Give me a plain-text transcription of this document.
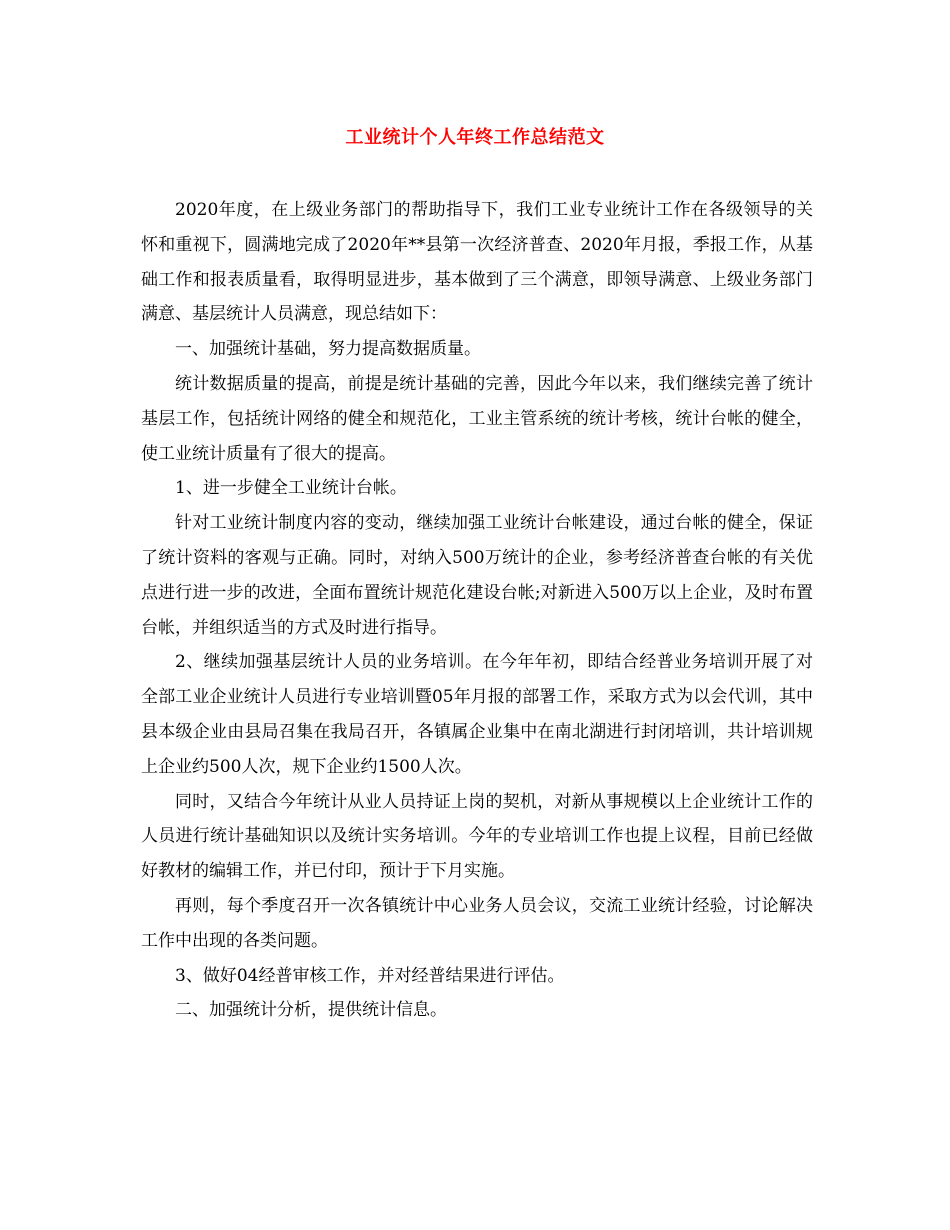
工业统计个人年终工作总结范文

2020年度，在上级业务部门的帮助指导下，我们工业专业统计工作在各级领导的关怀和重视下，圆满地完成了2020年**县第一次经济普查、2020年月报，季报工作，从基础工作和报表质量看，取得明显进步，基本做到了三个满意，即领导满意、上级业务部门满意、基层统计人员满意，现总结如下：

一、加强统计基础，努力提高数据质量。

统计数据质量的提高，前提是统计基础的完善，因此今年以来，我们继续完善了统计基层工作，包括统计网络的健全和规范化，工业主管系统的统计考核，统计台帐的健全，使工业统计质量有了很大的提高。

1、进一步健全工业统计台帐。

针对工业统计制度内容的变动，继续加强工业统计台帐建设，通过台帐的健全，保证了统计资料的客观与正确。同时，对纳入500万统计的企业，参考经济普查台帐的有关优点进行进一步的改进，全面布置统计规范化建设台帐;对新进入500万以上企业，及时布置台帐，并组织适当的方式及时进行指导。

2、继续加强基层统计人员的业务培训。在今年年初，即结合经普业务培训开展了对全部工业企业统计人员进行专业培训暨05年月报的部署工作，采取方式为以会代训，其中县本级企业由县局召集在我局召开，各镇属企业集中在南北湖进行封闭培训，共计培训规上企业约500人次，规下企业约1500人次。

同时，又结合今年统计从业人员持证上岗的契机，对新从事规模以上企业统计工作的人员进行统计基础知识以及统计实务培训。今年的专业培训工作也提上议程，目前已经做好教材的编辑工作，并已付印，预计于下月实施。

再则，每个季度召开一次各镇统计中心业务人员会议，交流工业统计经验，讨论解决工作中出现的各类问题。

3、做好04经普审核工作，并对经普结果进行评估。

二、加强统计分析，提供统计信息。
